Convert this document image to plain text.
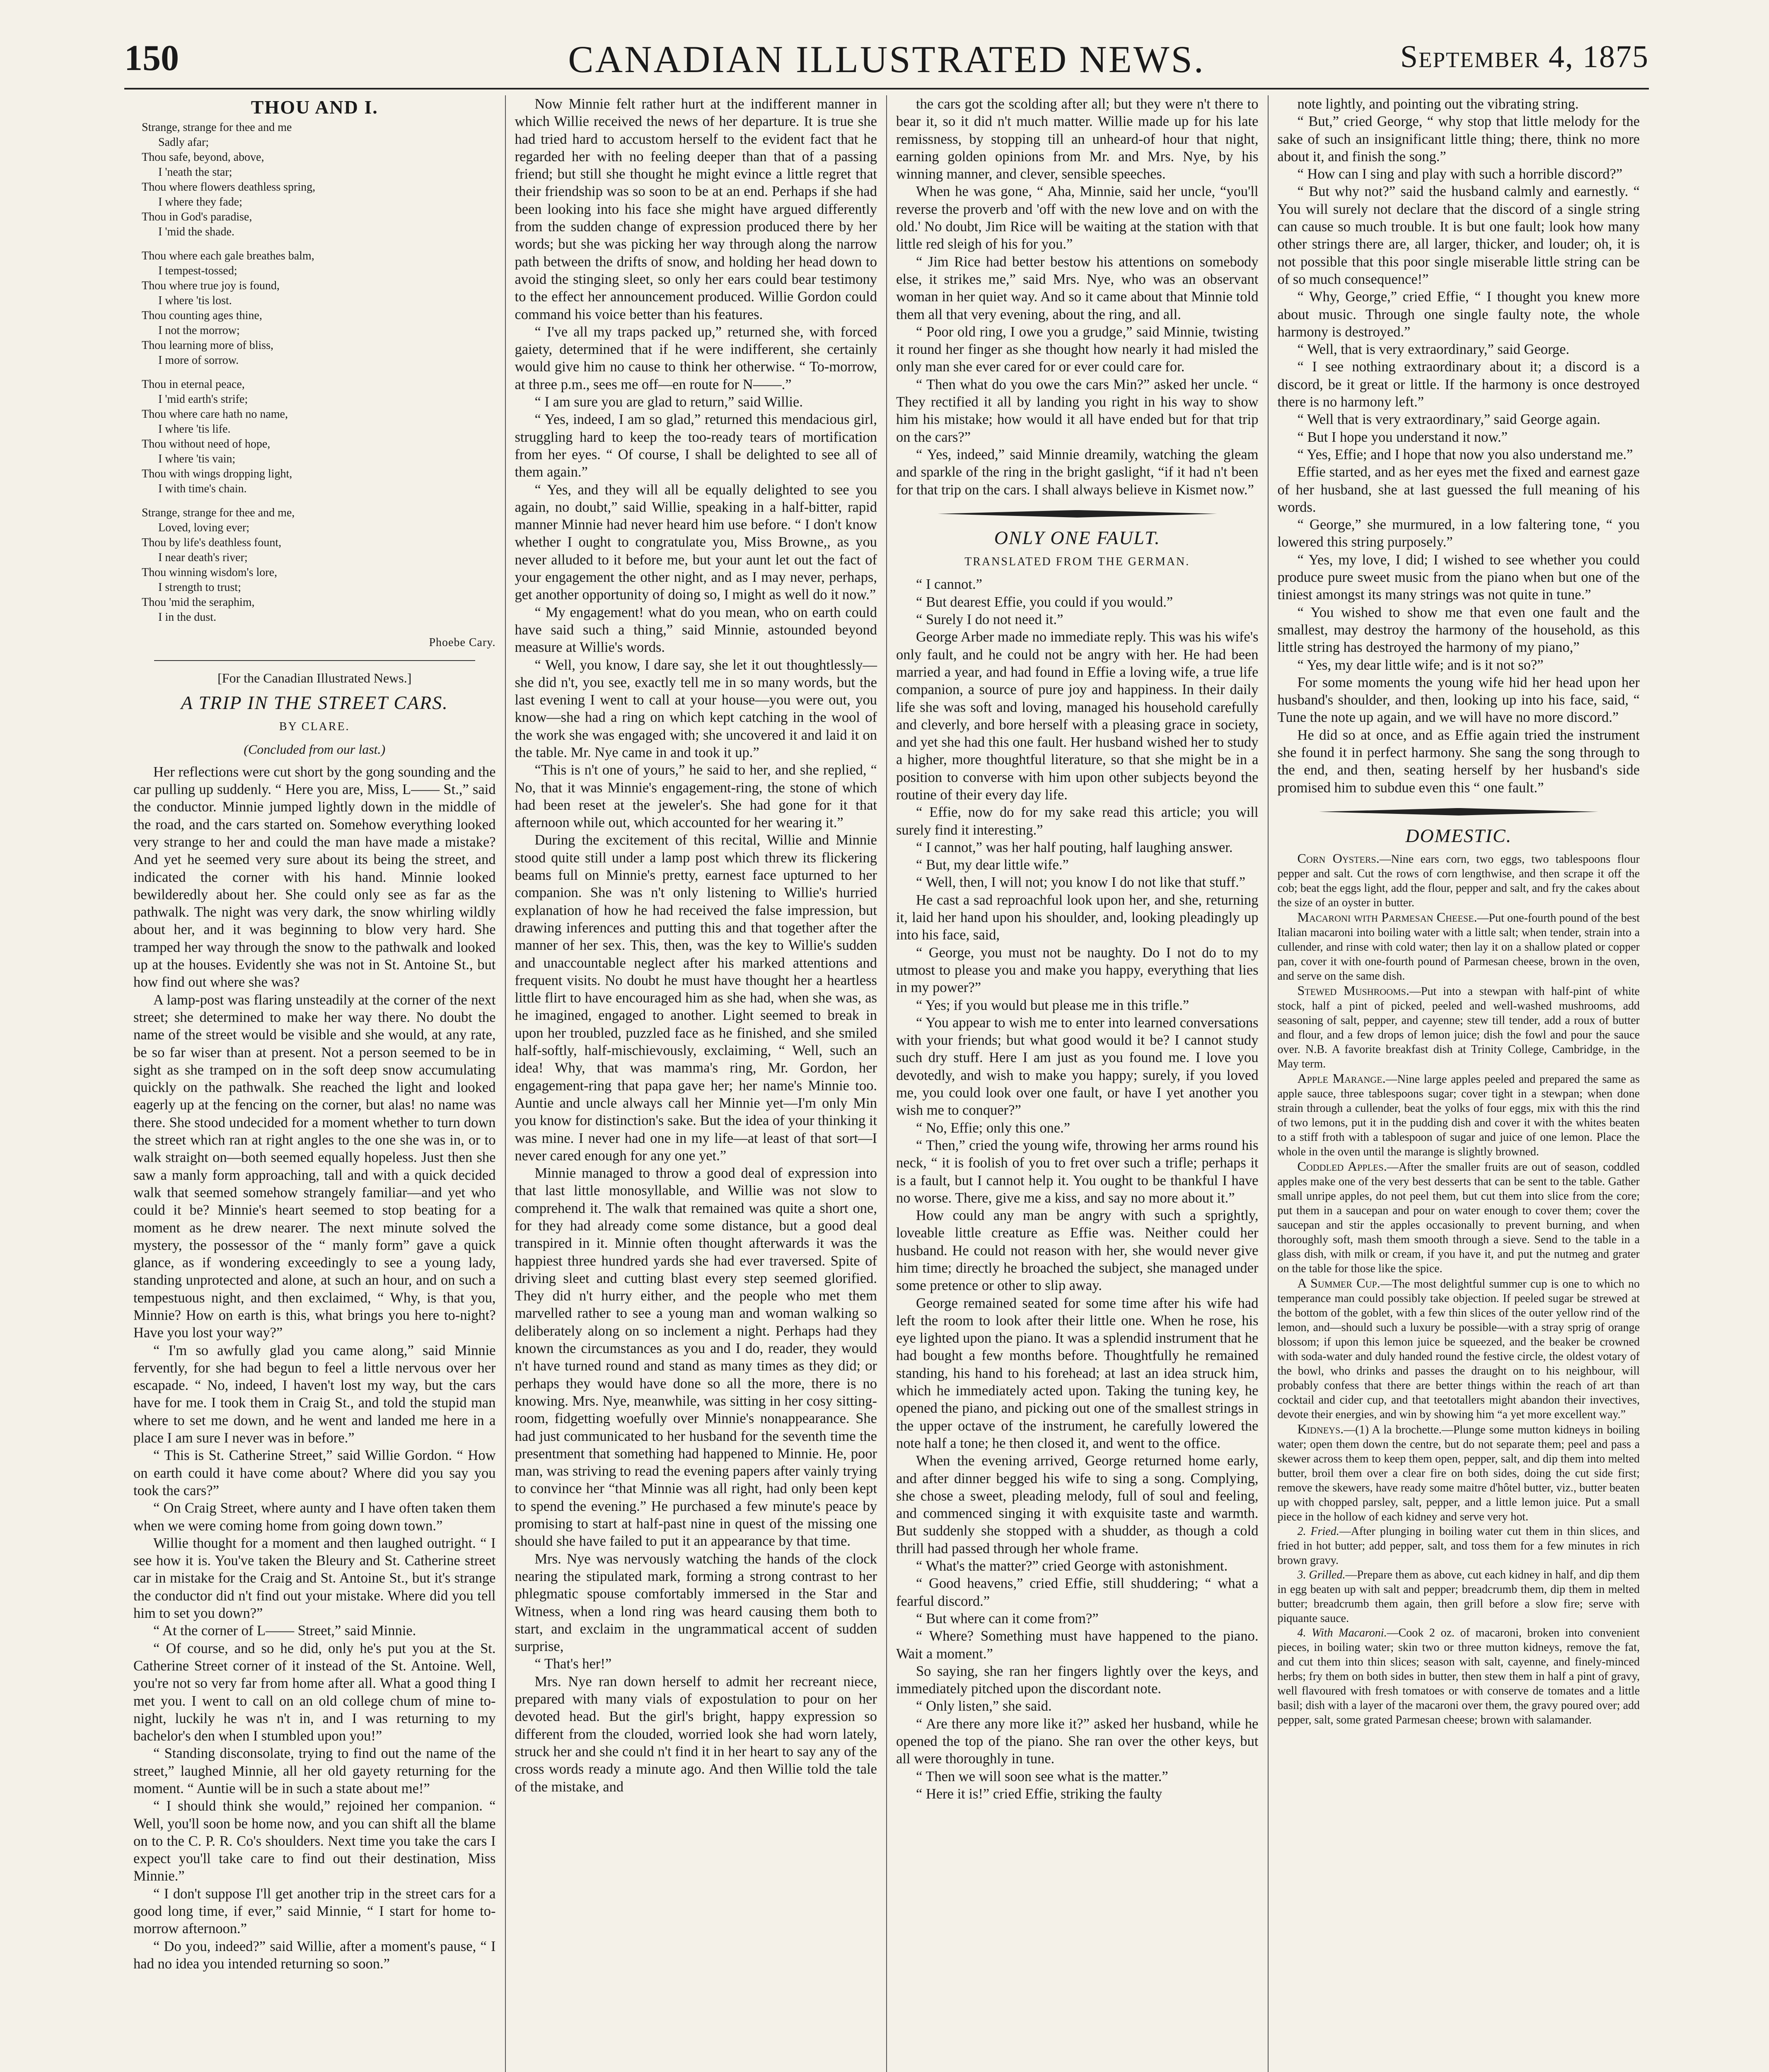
150	CANADIAN ILLUSTRATED NEWS.	September 4, 1875
THOU AND I.
Strange, strange for thee and me
Sadly afar;
Thou safe, beyond, above,
I 'neath the star;
Thou where flowers deathless spring,
I where they fade;
Thou in God's paradise,
I 'mid the shade.
Thou where each gale breathes balm,
I tempest-tossed;
Thou where true joy is found,
I where 'tis lost.
Thou counting ages thine,
I not the morrow;
Thou learning more of bliss,
I more of sorrow.
Thou in eternal peace,
I 'mid earth's strife;
Thou where care hath no name,
I where 'tis life.
Thou without need of hope,
I where 'tis vain;
Thou with wings dropping light,
I with time's chain.
Strange, strange for thee and me,
Loved, loving ever;
Thou by life's deathless fount,
I near death's river;
Thou winning wisdom's lore,
I strength to trust;
Thou 'mid the seraphim,
I in the dust.
Phoebe Cary.
[For the Canadian Illustrated News.]
A TRIP IN THE STREET CARS.
BY CLARE.
(Concluded from our last.)

Her reflections were cut short by the gong sounding and the car pulling up suddenly. “ Here you are, Miss, L—— St.,” said the conductor. Minnie jumped lightly down in the middle of the road, and the cars started on. Somehow everything looked very strange to her and could the man have made a mistake? And yet he seemed very sure about its being the street, and indicated the corner with his hand. Minnie looked bewilderedly about her. She could only see as far as the pathwalk. The night was very dark, the snow whirling wildly about her, and it was beginning to blow very hard. She tramped her way through the snow to the pathwalk and looked up at the houses. Evidently she was not in St. Antoine St., but how find out where she was?

A lamp-post was flaring unsteadily at the corner of the next street; she determined to make her way there. No doubt the name of the street would be visible and she would, at any rate, be so far wiser than at present. Not a person seemed to be in sight as she tramped on in the soft deep snow accumulating quickly on the pathwalk. She reached the light and looked eagerly up at the fencing on the corner, but alas! no name was there. She stood undecided for a moment whether to turn down the street which ran at right angles to the one she was in, or to walk straight on—both seemed equally hopeless. Just then she saw a manly form approaching, tall and with a quick decided walk that seemed somehow strangely familiar—and yet who could it be? Minnie's heart seemed to stop beating for a moment as he drew nearer. The next minute solved the mystery, the possessor of the “ manly form” gave a quick glance, as if wondering exceedingly to see a young lady, standing unprotected and alone, at such an hour, and on such a tempestuous night, and then exclaimed, “ Why, is that you, Minnie? How on earth is this, what brings you here to-night? Have you lost your way?”

“ I'm so awfully glad you came along,” said Minnie fervently, for she had begun to feel a little nervous over her escapade. “ No, indeed, I haven't lost my way, but the cars have for me. I took them in Craig St., and told the stupid man where to set me down, and he went and landed me here in a place I am sure I never was in before.”

“ This is St. Catherine Street,” said Willie Gordon. “ How on earth could it have come about? Where did you say you took the cars?”

“ On Craig Street, where aunty and I have often taken them when we were coming home from going down town.”

Willie thought for a moment and then laughed outright. “ I see how it is. You've taken the Bleury and St. Catherine street car in mistake for the Craig and St. Antoine St., but it's strange the conductor did n't find out your mistake. Where did you tell him to set you down?”

“ At the corner of L—— Street,” said Minnie.

“ Of course, and so he did, only he's put you at the St. Catherine Street corner of it instead of the St. Antoine. Well, you're not so very far from home after all. What a good thing I met you. I went to call on an old college chum of mine to-night, luckily he was n't in, and I was returning to my bachelor's den when I stumbled upon you!”

“ Standing disconsolate, trying to find out the name of the street,” laughed Minnie, all her old gayety returning for the moment. “ Auntie will be in such a state about me!”

“ I should think she would,” rejoined her companion. “ Well, you'll soon be home now, and you can shift all the blame on to the C. P. R. Co's shoulders. Next time you take the cars I expect you'll take care to find out their destination, Miss Minnie.”

“ I don't suppose I'll get another trip in the street cars for a good long time, if ever,” said Minnie, “ I start for home to-morrow afternoon.”

“ Do you, indeed?” said Willie, after a moment's pause, “ I had no idea you intended returning so soon.”

Now Minnie felt rather hurt at the indifferent manner in which Willie received the news of her departure. It is true she had tried hard to accustom herself to the evident fact that he regarded her with no feeling deeper than that of a passing friend; but still she thought he might evince a little regret that their friendship was so soon to be at an end. Perhaps if she had been looking into his face she might have argued differently from the sudden change of expression produced there by her words; but she was picking her way through along the narrow path between the drifts of snow, and holding her head down to avoid the stinging sleet, so only her ears could bear testimony to the effect her announcement produced. Willie Gordon could command his voice better than his features.

“ I've all my traps packed up,” returned she, with forced gaiety, determined that if he were indifferent, she certainly would give him no cause to think her otherwise. “ To-morrow, at three p.m., sees me off—en route for N——.”

“ I am sure you are glad to return,” said Willie.

“ Yes, indeed, I am so glad,” returned this mendacious girl, struggling hard to keep the too-ready tears of mortification from her eyes. “ Of course, I shall be delighted to see all of them again.”

“ Yes, and they will all be equally delighted to see you again, no doubt,” said Willie, speaking in a half-bitter, rapid manner Minnie had never heard him use before. “ I don't know whether I ought to congratulate you, Miss Browne,, as you never alluded to it before me, but your aunt let out the fact of your engagement the other night, and as I may never, perhaps, get another opportunity of doing so, I might as well do it now.”

“ My engagement! what do you mean, who on earth could have said such a thing,” said Minnie, astounded beyond measure at Willie's words.

“ Well, you know, I dare say, she let it out thoughtlessly—she did n't, you see, exactly tell me in so many words, but the last evening I went to call at your house—you were out, you know—she had a ring on which kept catching in the wool of the work she was engaged with; she uncovered it and laid it on the table. Mr. Nye came in and took it up.”

“This is n't one of yours,” he said to her, and she replied, “ No, that it was Minnie's engagement-ring, the stone of which had been reset at the jeweler's. She had gone for it that afternoon while out, which accounted for her wearing it.”

During the excitement of this recital, Willie and Minnie stood quite still under a lamp post which threw its flickering beams full on Minnie's pretty, earnest face upturned to her companion. She was n't only listening to Willie's hurried explanation of how he had received the false impression, but drawing inferences and putting this and that together after the manner of her sex. This, then, was the key to Willie's sudden and unaccountable neglect after his marked attentions and frequent visits. No doubt he must have thought her a heartless little flirt to have encouraged him as she had, when she was, as he imagined, engaged to another. Light seemed to break in upon her troubled, puzzled face as he finished, and she smiled half-softly, half-mischievously, exclaiming, “ Well, such an idea! Why, that was mamma's ring, Mr. Gordon, her engagement-ring that papa gave her; her name's Minnie too. Auntie and uncle always call her Minnie yet—I'm only Min you know for distinction's sake. But the idea of your thinking it was mine. I never had one in my life—at least of that sort—I never cared enough for any one yet.”

Minnie managed to throw a good deal of expression into that last little monosyllable, and Willie was not slow to comprehend it. The walk that remained was quite a short one, for they had already come some distance, but a good deal transpired in it. Minnie often thought afterwards it was the happiest three hundred yards she had ever traversed. Spite of driving sleet and cutting blast every step seemed glorified. They did n't hurry either, and the people who met them marvelled rather to see a young man and woman walking so deliberately along on so inclement a night. Perhaps had they known the circumstances as you and I do, reader, they would n't have turned round and stand as many times as they did; or perhaps they would have done so all the more, there is no knowing. Mrs. Nye, meanwhile, was sitting in her cosy sitting-room, fidgetting woefully over Minnie's nonappearance. She had just communicated to her husband for the seventh time the presentment that something had happened to Minnie. He, poor man, was striving to read the evening papers after vainly trying to convince her “that Minnie was all right, had only been kept to spend the evening.” He purchased a few minute's peace by promising to start at half-past nine in quest of the missing one should she have failed to put it an appearance by that time.

Mrs. Nye was nervously watching the hands of the clock nearing the stipulated mark, forming a strong contrast to her phlegmatic spouse comfortably immersed in the Star and Witness, when a lond ring was heard causing them both to start, and exclaim in the ungrammatical accent of sudden surprise,

“ That's her!”

Mrs. Nye ran down herself to admit her recreant niece, prepared with many vials of expostulation to pour on her devoted head. But the girl's bright, happy expression so different from the clouded, worried look she had worn lately, struck her and she could n't find it in her heart to say any of the cross words ready a minute ago. And then Willie told the tale of the mistake, and

the cars got the scolding after all; but they were n't there to bear it, so it did n't much matter. Willie made up for his late remissness, by stopping till an unheard-of hour that night, earning golden opinions from Mr. and Mrs. Nye, by his winning manner, and clever, sensible speeches.

When he was gone, “ Aha, Minnie, said her uncle, “you'll reverse the proverb and 'off with the new love and on with the old.' No doubt, Jim Rice will be waiting at the station with that little red sleigh of his for you.”

“ Jim Rice had better bestow his attentions on somebody else, it strikes me,” said Mrs. Nye, who was an observant woman in her quiet way. And so it came about that Minnie told them all that very evening, about the ring, and all.

“ Poor old ring, I owe you a grudge,” said Minnie, twisting it round her finger as she thought how nearly it had misled the only man she ever cared for or ever could care for.

“ Then what do you owe the cars Min?” asked her uncle. “ They rectified it all by landing you right in his way to show him his mistake; how would it all have ended but for that trip on the cars?”

“ Yes, indeed,” said Minnie dreamily, watching the gleam and sparkle of the ring in the bright gaslight, “if it had n't been for that trip on the cars. I shall always believe in Kismet now.”

ONLY ONE FAULT.
TRANSLATED FROM THE GERMAN.

“ I cannot.”

“ But dearest Effie, you could if you would.”

“ Surely I do not need it.”

George Arber made no immediate reply. This was his wife's only fault, and he could not be angry with her. He had been married a year, and had found in Effie a loving wife, a true life companion, a source of pure joy and happiness. In their daily life she was soft and loving, managed his household carefully and cleverly, and bore herself with a pleasing grace in society, and yet she had this one fault. Her husband wished her to study a higher, more thoughtful literature, so that she might be in a position to converse with him upon other subjects beyond the routine of their every day life.

“ Effie, now do for my sake read this article; you will surely find it interesting.”

“ I cannot,” was her half pouting, half laughing answer.

“ But, my dear little wife.”

“ Well, then, I will not; you know I do not like that stuff.”

He cast a sad reproachful look upon her, and she, returning it, laid her hand upon his shoulder, and, looking pleadingly up into his face, said,

“ George, you must not be naughty. Do I not do to my utmost to please you and make you happy, everything that lies in my power?”

“ Yes; if you would but please me in this trifle.”

“ You appear to wish me to enter into learned conversations with your friends; but what good would it be? I cannot study such dry stuff. Here I am just as you found me. I love you devotedly, and wish to make you happy; surely, if you loved me, you could look over one fault, or have I yet another you wish me to conquer?”

“ No, Effie; only this one.”

“ Then,” cried the young wife, throwing her arms round his neck, “ it is foolish of you to fret over such a trifle; perhaps it is a fault, but I cannot help it. You ought to be thankful I have no worse. There, give me a kiss, and say no more about it.”

How could any man be angry with such a sprightly, loveable little creature as Effie was. Neither could her husband. He could not reason with her, she would never give him time; directly he broached the subject, she managed under some pretence or other to slip away.

George remained seated for some time after his wife had left the room to look after their little one. When he rose, his eye lighted upon the piano. It was a splendid instrument that he had bought a few months before. Thoughtfully he remained standing, his hand to his forehead; at last an idea struck him, which he immediately acted upon. Taking the tuning key, he opened the piano, and picking out one of the smallest strings in the upper octave of the instrument, he carefully lowered the note half a tone; he then closed it, and went to the office.

When the evening arrived, George returned home early, and after dinner begged his wife to sing a song. Complying, she chose a sweet, pleading melody, full of soul and feeling, and commenced singing it with exquisite taste and warmth. But suddenly she stopped with a shudder, as though a cold thrill had passed through her whole frame.

“ What's the matter?” cried George with astonishment.

“ Good heavens,” cried Effie, still shuddering; “ what a fearful discord.”

“ But where can it come from?”

“ Where? Something must have happened to the piano. Wait a moment.”

So saying, she ran her fingers lightly over the keys, and immediately pitched upon the discordant note.

“ Only listen,” she said.

“ Are there any more like it?” asked her husband, while he opened the top of the piano. She ran over the other keys, but all were thoroughly in tune.

“ Then we will soon see what is the matter.”

“ Here it is!” cried Effie, striking the faulty

note lightly, and pointing out the vibrating string.

“ But,” cried George, “ why stop that little melody for the sake of such an insignificant little thing; there, think no more about it, and finish the song.”

“ How can I sing and play with such a horrible discord?”

“ But why not?” said the husband calmly and earnestly. “ You will surely not declare that the discord of a single string can cause so much trouble. It is but one fault; look how many other strings there are, all larger, thicker, and louder; oh, it is not possible that this poor single miserable little string can be of so much consequence!”

“ Why, George,” cried Effie, “ I thought you knew more about music. Through one single faulty note, the whole harmony is destroyed.”

“ Well, that is very extraordinary,” said George.

“ I see nothing extraordinary about it; a discord is a discord, be it great or little. If the harmony is once destroyed there is no harmony left.”

“ Well that is very extraordinary,” said George again.

“ But I hope you understand it now.”

“ Yes, Effie; and I hope that now you also understand me.”

Effie started, and as her eyes met the fixed and earnest gaze of her husband, she at last guessed the full meaning of his words.

“ George,” she murmured, in a low faltering tone, “ you lowered this string purposely.”

“ Yes, my love, I did; I wished to see whether you could produce pure sweet music from the piano when but one of the tiniest amongst its many strings was not quite in tune.”

“ You wished to show me that even one fault and the smallest, may destroy the harmony of the household, as this little string has destroyed the harmony of my piano,”

“ Yes, my dear little wife; and is it not so?”

For some moments the young wife hid her head upon her husband's shoulder, and then, looking up into his face, said, “ Tune the note up again, and we will have no more discord.”

He did so at once, and as Effie again tried the instrument she found it in perfect harmony. She sang the song through to the end, and then, seating herself by her husband's side promised him to subdue even this “ one fault.”

DOMESTIC.

Corn Oysters.—Nine ears corn, two eggs, two tablespoons flour pepper and salt. Cut the rows of corn lengthwise, and then scrape it off the cob; beat the eggs light, add the flour, pepper and salt, and fry the cakes about the size of an oyster in butter.

Macaroni with Parmesan Cheese.—Put one-fourth pound of the best Italian macaroni into boiling water with a little salt; when tender, strain into a cullender, and rinse with cold water; then lay it on a shallow plated or copper pan, cover it with one-fourth pound of Parmesan cheese, brown in the oven, and serve on the same dish.

Stewed Mushrooms.—Put into a stewpan with half-pint of white stock, half a pint of picked, peeled and well-washed mushrooms, add seasoning of salt, pepper, and cayenne; stew till tender, add a roux of butter and flour, and a few drops of lemon juice; dish the fowl and pour the sauce over. N.B. A favorite breakfast dish at Trinity College, Cambridge, in the May term.

Apple Marange.—Nine large apples peeled and prepared the same as apple sauce, three tablespoons sugar; cover tight in a stewpan; when done strain through a cullender, beat the yolks of four eggs, mix with this the rind of two lemons, put it in the pudding dish and cover it with the whites beaten to a stiff froth with a tablespoon of sugar and juice of one lemon. Place the whole in the oven until the marange is slightly browned.

Coddled Apples.—After the smaller fruits are out of season, coddled apples make one of the very best desserts that can be sent to the table. Gather small unripe apples, do not peel them, but cut them into slice from the core; put them in a saucepan and pour on water enough to cover them; cover the saucepan and stir the apples occasionally to prevent burning, and when thoroughly soft, mash them smooth through a sieve. Send to the table in a glass dish, with milk or cream, if you have it, and put the nutmeg and grater on the table for those like the spice.

A Summer Cup.—The most delightful summer cup is one to which no temperance man could possibly take objection. If peeled sugar be strewed at the bottom of the goblet, with a few thin slices of the outer yellow rind of the lemon, and—should such a luxury be possible—with a stray sprig of orange blossom; if upon this lemon juice be squeezed, and the beaker be crowned with soda-water and duly handed round the festive circle, the oldest votary of the bowl, who drinks and passes the draught on to his neighbour, will probably confess that there are better things within the reach of art than cocktail and cider cup, and that teetotallers might abandon their invectives, devote their energies, and win by showing him “a yet more excellent way.”

Kidneys.—(1) A la brochette.—Plunge some mutton kidneys in boiling water; open them down the centre, but do not separate them; peel and pass a skewer across them to keep them open, pepper, salt, and dip them into melted butter, broil them over a clear fire on both sides, doing the cut side first; remove the skewers, have ready some maitre d'hôtel butter, viz., butter beaten up with chopped parsley, salt, pepper, and a little lemon juice. Put a small piece in the hollow of each kidney and serve very hot.

2. Fried.—After plunging in boiling water cut them in thin slices, and fried in hot butter; add pepper, salt, and toss them for a few minutes in rich brown gravy.

3. Grilled.—Prepare them as above, cut each kidney in half, and dip them in egg beaten up with salt and pepper; breadcrumb them, dip them in melted butter; breadcrumb them again, then grill before a slow fire; serve with piquante sauce.

4. With Macaroni.—Cook 2 oz. of macaroni, broken into convenient pieces, in boiling water; skin two or three mutton kidneys, remove the fat, and cut them into thin slices; season with salt, cayenne, and finely-minced herbs; fry them on both sides in butter, then stew them in half a pint of gravy, well flavoured with fresh tomatoes or with conserve de tomates and a little basil; dish with a layer of the macaroni over them, the gravy poured over; add pepper, salt, some grated Parmesan cheese; brown with salamander.
